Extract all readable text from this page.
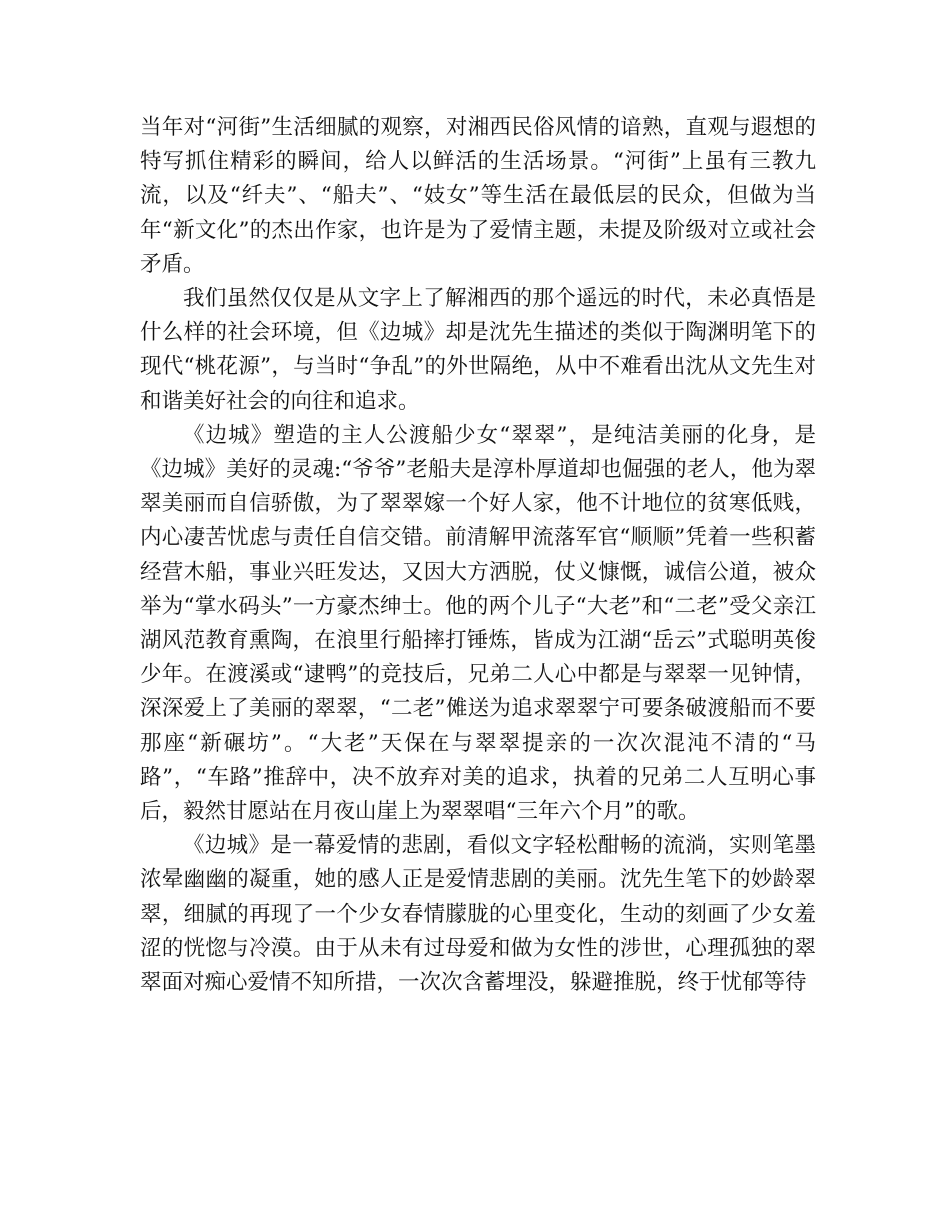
当年对“河街”生活细腻的观察，对湘西民俗风情的谙熟，直观与遐想的特写抓住精彩的瞬间，给人以鲜活的生活场景。“河街”上虽有三教九流，以及“纤夫”、“船夫”、“妓女”等生活在最低层的民众，但做为当年“新文化”的杰出作家，也许是为了爱情主题，未提及阶级对立或社会矛盾。

我们虽然仅仅是从文字上了解湘西的那个遥远的时代，未必真悟是什么样的社会环境，但《边城》却是沈先生描述的类似于陶渊明笔下的现代“桃花源”，与当时“争乱”的外世隔绝，从中不难看出沈从文先生对和谐美好社会的向往和追求。

《边城》塑造的主人公渡船少女“翠翠”，是纯洁美丽的化身，是《边城》美好的灵魂:“爷爷”老船夫是淳朴厚道却也倔强的老人，他为翠翠美丽而自信骄傲，为了翠翠嫁一个好人家，他不计地位的贫寒低贱，内心凄苦忧虑与责任自信交错。前清解甲流落军官“顺顺”凭着一些积蓄经营木船，事业兴旺发达，又因大方洒脱，仗义慷慨，诚信公道，被众举为“掌水码头”一方豪杰绅士。他的两个儿子“大老”和“二老”受父亲江湖风范教育熏陶，在浪里行船摔打锤炼，皆成为江湖“岳云”式聪明英俊少年。在渡溪或“逮鸭”的竞技后，兄弟二人心中都是与翠翠一见钟情，深深爱上了美丽的翠翠，“二老”傩送为追求翠翠宁可要条破渡船而不要那座“新碾坊”。“大老”天保在与翠翠提亲的一次次混沌不清的“马路”，“车路”推辞中，决不放弃对美的追求，执着的兄弟二人互明心事后，毅然甘愿站在月夜山崖上为翠翠唱“三年六个月”的歌。

《边城》是一幕爱情的悲剧，看似文字轻松酣畅的流淌，实则笔墨浓晕幽幽的凝重，她的感人正是爱情悲剧的美丽。沈先生笔下的妙龄翠翠，细腻的再现了一个少女春情朦胧的心里变化，生动的刻画了少女羞涩的恍惚与冷漠。由于从未有过母爱和做为女性的涉世，心理孤独的翠翠面对痴心爱情不知所措，一次次含蓄埋没，躲避推脱，终于忧郁等待
